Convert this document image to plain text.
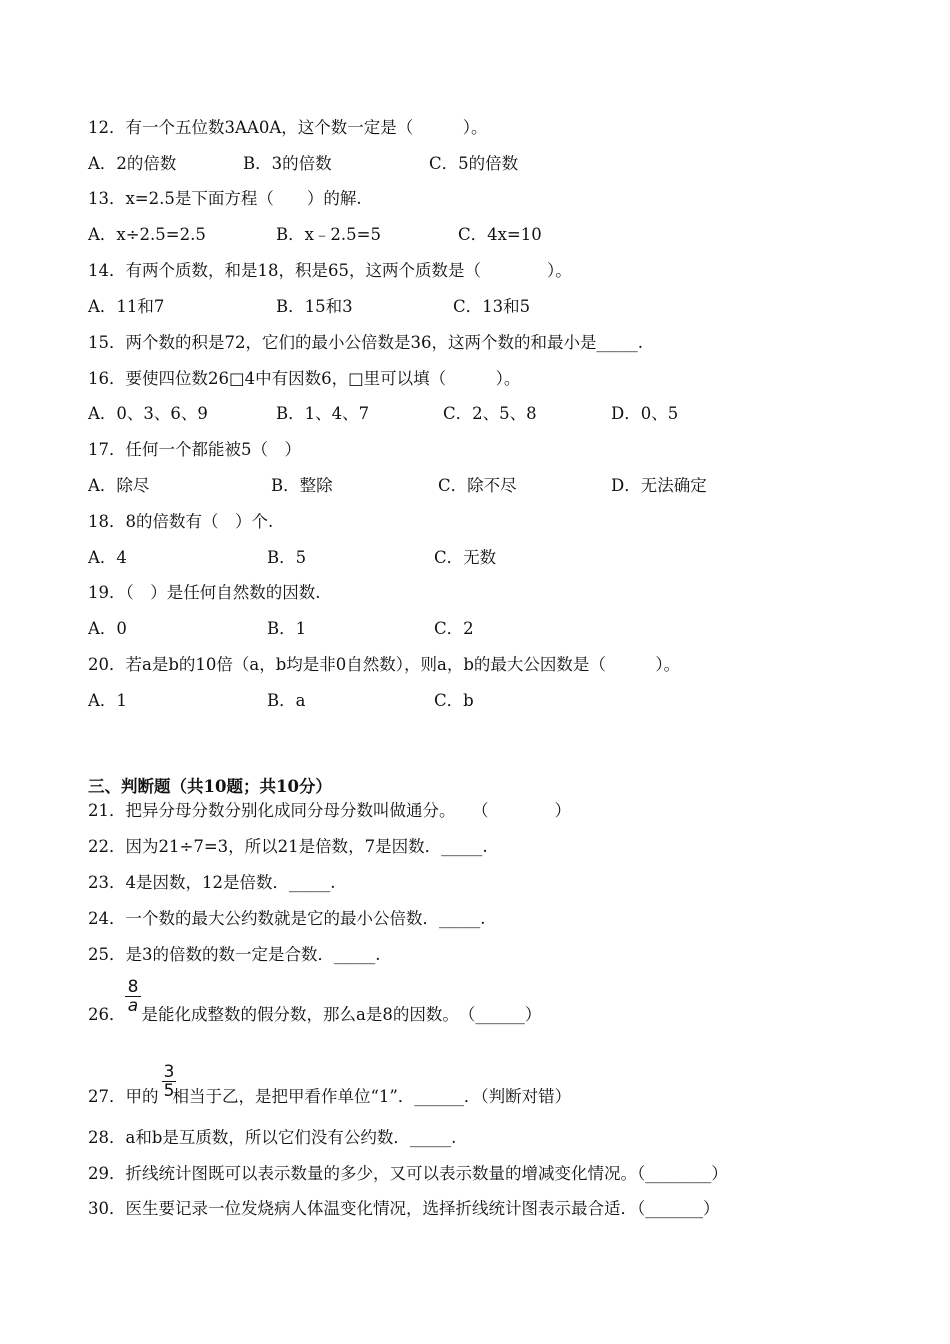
12．有一个五位数3AA0A，这个数一定是（　　　）。
A．2的倍数	B．3的倍数	C．5的倍数
13．x=2.5是下面方程（　　）的解.
A．x÷2.5=2.5	B．x﹣2.5=5	C．4x=10
14．有两个质数，和是18，积是65，这两个质数是（　　　　）。
A．11和7	B．15和3	C．13和5
15．两个数的积是72，它们的最小公倍数是36，这两个数的和最小是_____.
16．要使四位数26□4中有因数6，□里可以填（　　　）。
A．0、3、6、9	B．1、4、7	C．2、5、8	D．0、5
17．任何一个都能被5（　）
A．除尽	B．整除	C．除不尽	D．无法确定
18．8的倍数有（　）个.
A．4	B．5	C．无数
19．（　）是任何自然数的因数.
A．0	B．1	C．2
20．若a是b的10倍（a，b均是非0自然数），则a，b的最大公因数是（　　　）。
A．1	B．a	C．b
三、判断题（共10题；共10分）
21．把异分母分数分别化成同分母分数叫做通分。　　（　　　　）
22．因为21÷7=3，所以21是倍数，7是因数．_____.
23．4是因数，12是倍数．_____.
24．一个数的最大公约数就是它的最小公倍数．_____.
25．是3的倍数的数一定是合数．_____.
26． 是能化成整数的假分数，那么a是8的因数。　（______）
8
a
27．甲的 相当于乙，是把甲看作单位“1”．______．（判断对错）
3
5
28．a和b是互质数，所以它们没有公约数．_____.
29．折线统计图既可以表示数量的多少，又可以表示数量的增减变化情况。（________）
30．医生要记录一位发烧病人体温变化情况，选择折线统计图表示最合适．（_______）
